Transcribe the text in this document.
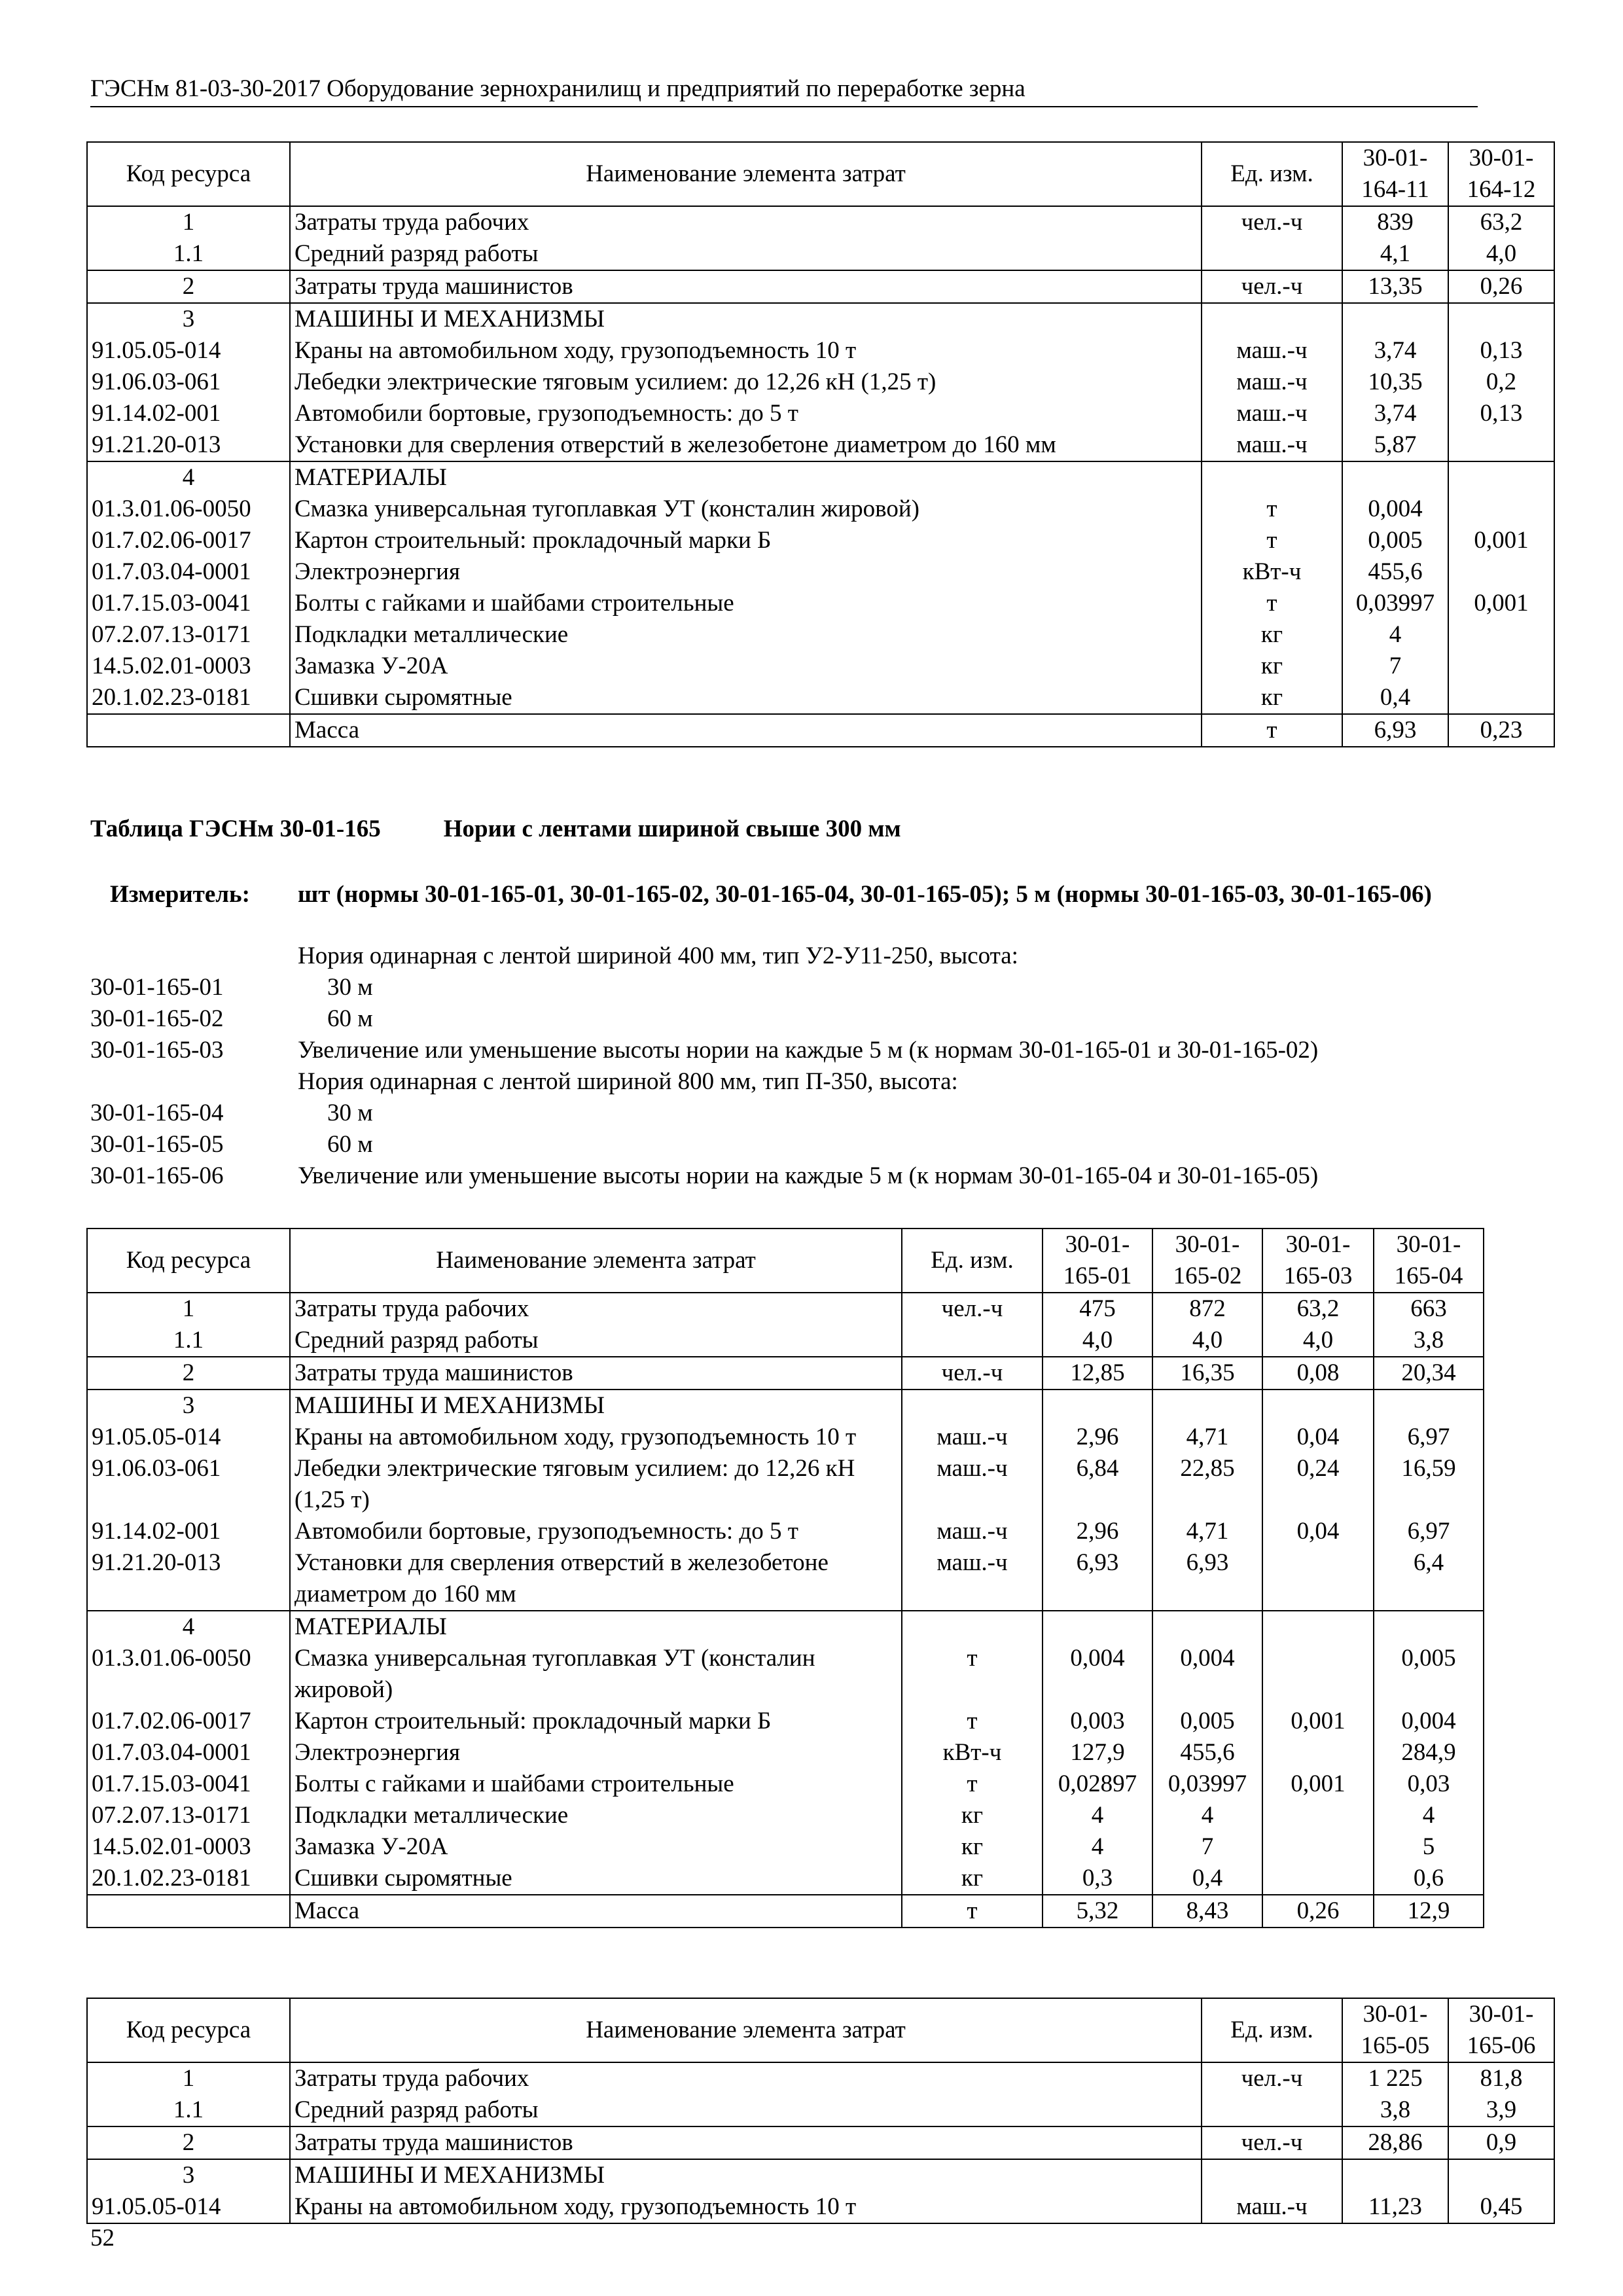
ГЭСНм 81-03-30-2017 Оборудование зернохранилищ и предприятий по переработке зерна
Код ресурса	Наименование элемента затрат	Ед. изм.	30-01-164-11	30-01-164-12
1	Затраты труда рабочих	чел.-ч	839	63,2
1.1	Средний разряд работы		4,1	4,0
2	Затраты труда машинистов	чел.-ч	13,35	0,26
3	МАШИНЫ И МЕХАНИЗМЫ			
91.05.05-014	Краны на автомобильном ходу, грузоподъемность 10 т	маш.-ч	3,74	0,13
91.06.03-061	Лебедки электрические тяговым усилием: до 12,26 кН (1,25 т)	маш.-ч	10,35	0,2
91.14.02-001	Автомобили бортовые, грузоподъемность: до 5 т	маш.-ч	3,74	0,13
91.21.20-013	Установки для сверления отверстий в железобетоне диаметром до 160 мм	маш.-ч	5,87	
4	МАТЕРИАЛЫ			
01.3.01.06-0050	Смазка универсальная тугоплавкая УТ (консталин жировой)	т	0,004	
01.7.02.06-0017	Картон строительный: прокладочный марки Б	т	0,005	0,001
01.7.03.04-0001	Электроэнергия	кВт-ч	455,6	
01.7.15.03-0041	Болты с гайками и шайбами строительные	т	0,03997	0,001
07.2.07.13-0171	Подкладки металлические	кг	4	
14.5.02.01-0003	Замазка У-20А	кг	7	
20.1.02.23-0181	Сшивки сыромятные	кг	0,4	
	Масса	т	6,93	0,23
Таблица ГЭСНм 30-01-165	Нории с лентами шириной свыше 300 мм
Измеритель: шт (нормы 30-01-165-01, 30-01-165-02, 30-01-165-04, 30-01-165-05); 5 м (нормы 30-01-165-03, 30-01-165-06)
Нория одинарная с лентой шириной 400 мм, тип У2-У11-250, высота:
30-01-165-01	30 м
30-01-165-02	60 м
30-01-165-03	Увеличение или уменьшение высоты нории на каждые 5 м (к нормам 30-01-165-01 и 30-01-165-02)
Нория одинарная с лентой шириной 800 мм, тип П-350, высота:
30-01-165-04	30 м
30-01-165-05	60 м
30-01-165-06	Увеличение или уменьшение высоты нории на каждые 5 м (к нормам 30-01-165-04 и 30-01-165-05)
Код ресурса	Наименование элемента затрат	Ед. изм.	30-01-165-01	30-01-165-02	30-01-165-03	30-01-165-04
1	Затраты труда рабочих	чел.-ч	475	872	63,2	663
1.1	Средний разряд работы		4,0	4,0	4,0	3,8
2	Затраты труда машинистов	чел.-ч	12,85	16,35	0,08	20,34
3	МАШИНЫ И МЕХАНИЗМЫ					
91.05.05-014	Краны на автомобильном ходу, грузоподъемность 10 т	маш.-ч	2,96	4,71	0,04	6,97
91.06.03-061	Лебедки электрические тяговым усилием: до 12,26 кН (1,25 т)	маш.-ч	6,84	22,85	0,24	16,59
91.14.02-001	Автомобили бортовые, грузоподъемность: до 5 т	маш.-ч	2,96	4,71	0,04	6,97
91.21.20-013	Установки для сверления отверстий в железобетоне диаметром до 160 мм	маш.-ч	6,93	6,93		6,4
4	МАТЕРИАЛЫ					
01.3.01.06-0050	Смазка универсальная тугоплавкая УТ (консталин жировой)	т	0,004	0,004		0,005
01.7.02.06-0017	Картон строительный: прокладочный марки Б	т	0,003	0,005	0,001	0,004
01.7.03.04-0001	Электроэнергия	кВт-ч	127,9	455,6		284,9
01.7.15.03-0041	Болты с гайками и шайбами строительные	т	0,02897	0,03997	0,001	0,03
07.2.07.13-0171	Подкладки металлические	кг	4	4		4
14.5.02.01-0003	Замазка У-20А	кг	4	7		5
20.1.02.23-0181	Сшивки сыромятные	кг	0,3	0,4		0,6
	Масса	т	5,32	8,43	0,26	12,9
Код ресурса	Наименование элемента затрат	Ед. изм.	30-01-165-05	30-01-165-06
1	Затраты труда рабочих	чел.-ч	1 225	81,8
1.1	Средний разряд работы		3,8	3,9
2	Затраты труда машинистов	чел.-ч	28,86	0,9
3	МАШИНЫ И МЕХАНИЗМЫ			
91.05.05-014	Краны на автомобильном ходу, грузоподъемность 10 т	маш.-ч	11,23	0,45
52
